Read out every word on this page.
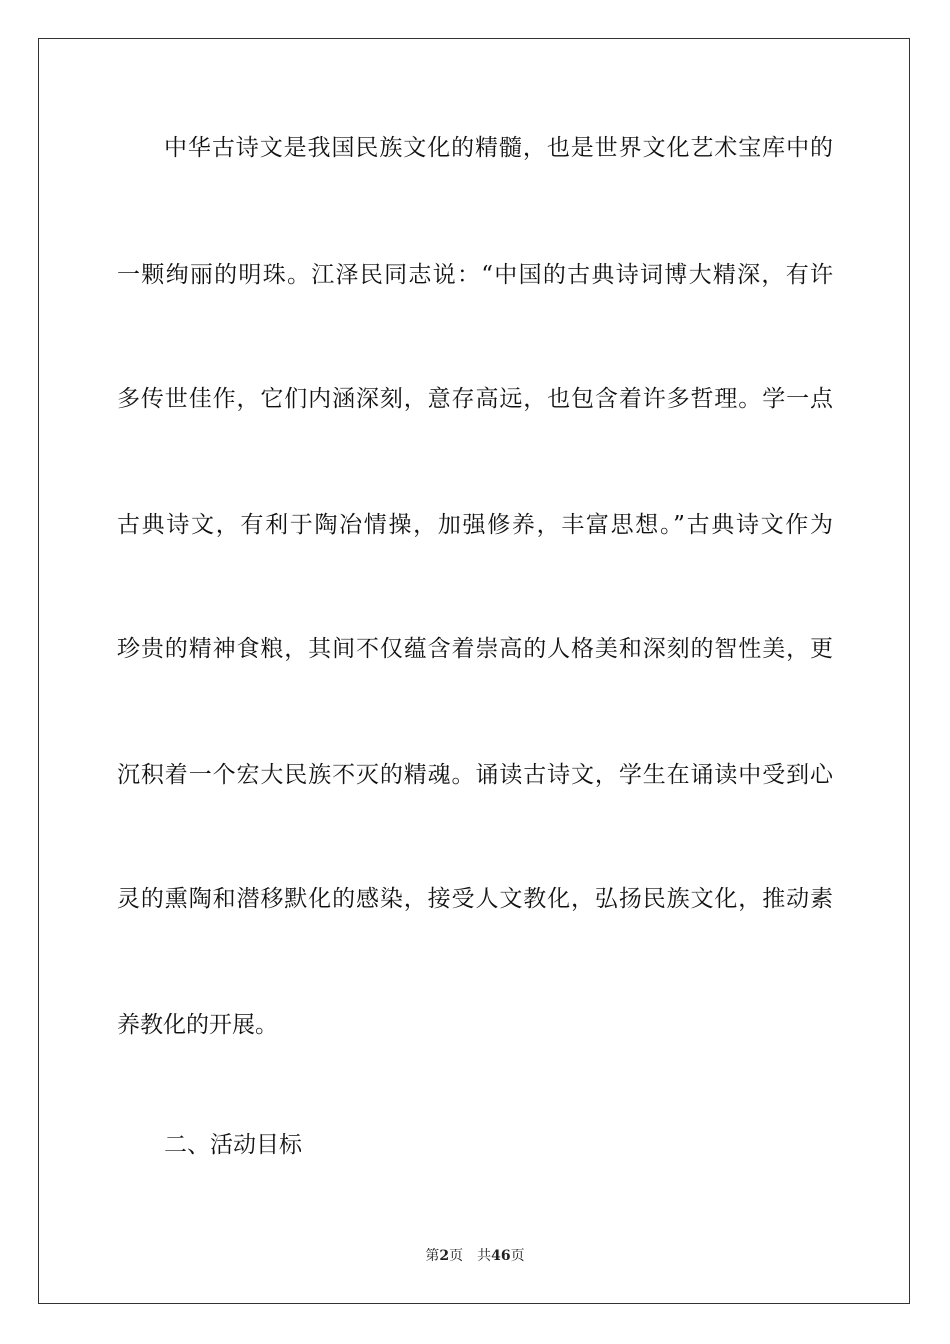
中华古诗文是我国民族文化的精髓，也是世界文化艺术宝库中的
一颗绚丽的明珠。江泽民同志说：“中国的古典诗词博大精深，有许
多传世佳作，它们内涵深刻，意存高远，也包含着许多哲理。学一点
古典诗文，有利于陶冶情操，加强修养，丰富思想。”古典诗文作为
珍贵的精神食粮，其间不仅蕴含着崇高的人格美和深刻的智性美，更
沉积着一个宏大民族不灭的精魂。诵读古诗文，学生在诵读中受到心
灵的熏陶和潜移默化的感染，接受人文教化，弘扬民族文化，推动素
养教化的开展。
二、活动目标
第2页 共46页
